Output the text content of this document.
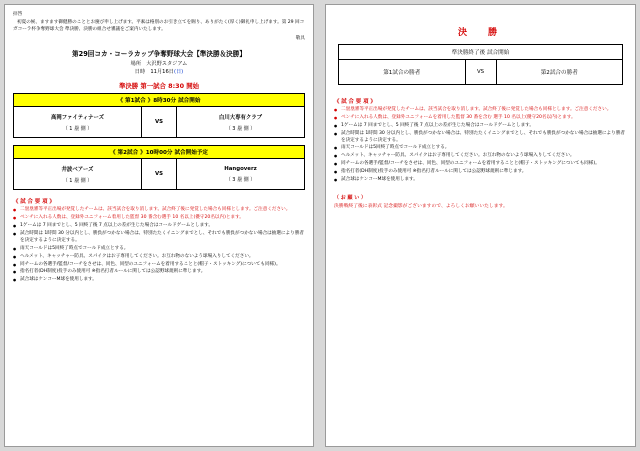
拝啓

初夏の候、ますます御健勝のこととお慶び申し上げます。平素は格別のお引き立てを賜り、ありがたく(厚く)御礼申し上げます。第 29 回コガコーラ杯争奪野球大会 準決勝、決勝の組合せ審議をご案内いたします。

敬具
第29回コカ・コーラカップ争奪野球大会【準決勝＆決勝】
場所　大沢野スタジアム
日時　11月16日(日)
準決勝 第一試合 8:30 開始
《 第1試合 》8時30分 試合開始
高岡ファイティナーズ
（ 1 塁 側 ）
VS
白川大専有クラブ
（ 3 塁 側 ）
《 第2試合 》10時00分 試合開始予定
井波ベアーズ
（ 1 塁 側 ）
VS
Hangoverz
（ 3 塁 側 ）
《 試 合 要 項 》
● 二塁塁審等平正出場が発覚したチームは、該当試合を取り消します。試合終了後に発覚した場合も同様とします。ご注意ください。
● ベンチに入れる人数は、登録外ユニフォーム着用した監督 30 番含む選手 10 名以上(優守20名以内)とます。
● 1ゲームは 7 回までとし、5 回終了後 7 点以上の差が生じた場合はコールドゲームとします。
● 試合時間は 1時間 30 分以内とし、勝負がつかない場合は、特別たたくイニングまでとし、それでも勝負がつかない場合は抽選により勝者を決定するように決定する。
● 雨天コールドは5回終了時点でコールド成立とする。
● ヘルメット、キャッチャー防具、スパイクはお子専用してください。お互れ物のないよう球場入りしてください。
● 同チームの各選手/監督/コーチをさせは、同色、同型のユニフォームを着用することと(帽子・ストッキング)についても同様)。
● 指名打者(DH制度)投手のみ使用可 ※指名打者ルールに関しては公認野球規則に準じます。
● 試合球はケンコーM球を使用します。
決　勝
準決勝終了後 試合開始
第1試合の勝者	VS	第2試合の勝者
《 試 合 要 項 》
● 二塁塁審等平正出場が発覚したチームは、該当試合を取り消します。試合終了後に発覚した場合も同様とします。ご注意ください。
● ベンチに入れる人数は、登録外ユニフォームを着用した監督 30 番を含む 選手 10 名以上(優守20名以内)とます。
● 1ゲームは 7 回までとし、5 回終了後 7 点以上の差が生じた場合はコールドゲームとします。
● 試合時間は 1時間 30 分以内とし、勝負がつかない場合は、特別たたくイニングまでとし、それでも勝負がつかない場合は抽選により勝者を決定するように決定する。
● 雨天コールドは5回終了時点でコールド成立とする。
● ヘルメット、キャッチャー防具、スパイクはお子専用してください。お互れ物のないよう球場入りしてください。
● 同チームの各選手/監督/コーチをさせは、同色、同型のユニフォームを着用することと(帽子・ストッキングについても同様)。
● 指名打者(DH制度)投手のみ使用可 ※指名打者ルールに関しては公認野球規則に準じます。
● 試合球はケンコーM球を使用します。
（ お 願 い ）
決勝戦終了後に表彰式 記念撮影がございますので、よろしくお願いいたします。
